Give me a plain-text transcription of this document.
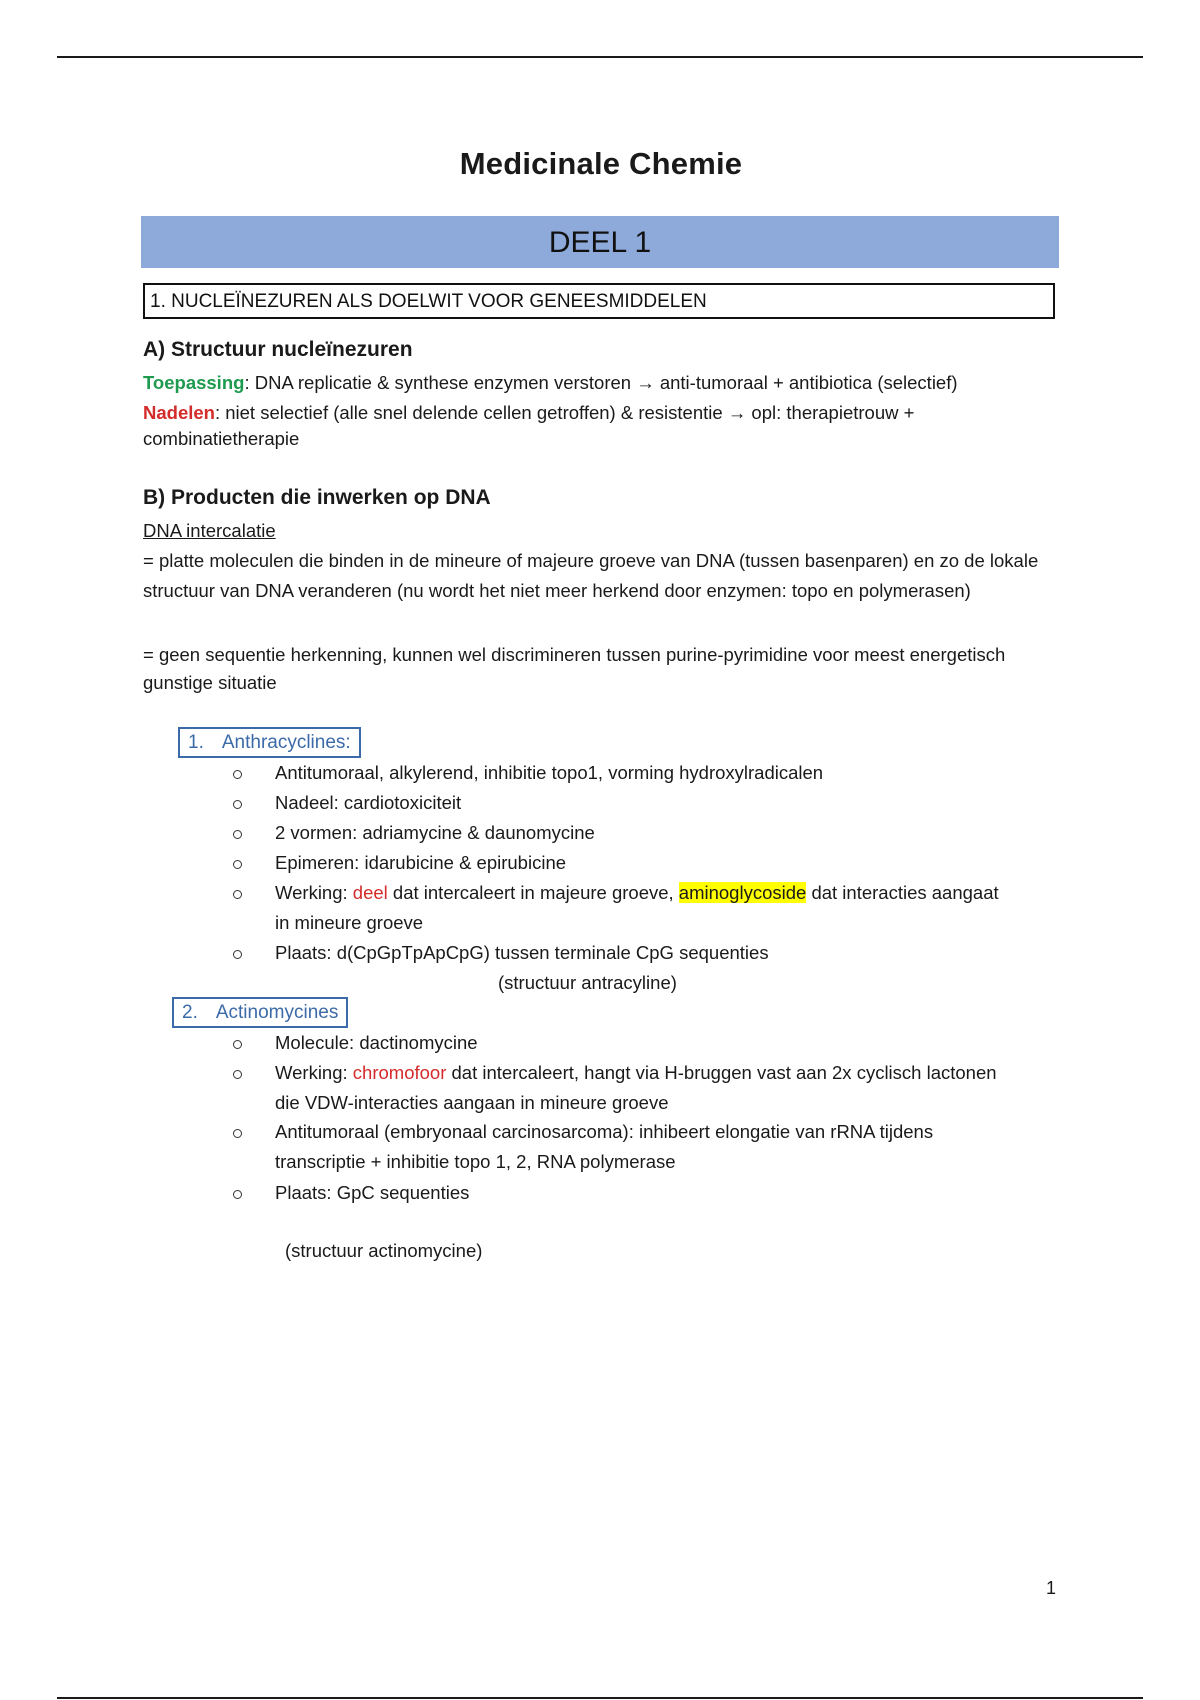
Medicinale Chemie
DEEL 1
1. NUCLEÏNEZUREN ALS DOELWIT VOOR GENEESMIDDELEN
A) Structuur nucleïnezuren
Toepassing: DNA replicatie & synthese enzymen verstoren → anti-tumoraal + antibiotica (selectief)
Nadelen: niet selectief (alle snel delende cellen getroffen) & resistentie → opl: therapietrouw + combinatietherapie
B) Producten die inwerken op DNA
DNA intercalatie
= platte moleculen die binden in de mineure of majeure groeve van DNA (tussen basenparen) en zo de lokale structuur van DNA veranderen (nu wordt het niet meer herkend door enzymen: topo en polymerasen)
= geen sequentie herkenning, kunnen wel discrimineren tussen purine-pyrimidine voor meest energetisch gunstige situatie
1. Anthracyclines:
Antitumoraal, alkylerend, inhibitie topo1, vorming hydroxylradicalen
Nadeel: cardiotoxiciteit
2 vormen: adriamycine & daunomycine
Epimeren: idarubicine & epirubicine
Werking: deel dat intercaleert in majeure groeve, aminoglycoside dat interacties aangaat in mineure groeve
Plaats: d(CpGpTpApCpG) tussen terminale CpG sequenties
(structuur antracyline)
2. Actinomycines
Molecule: dactinomycine
Werking: chromofoor dat intercaleert, hangt via H-bruggen vast aan 2x cyclisch lactonen die VDW-interacties aangaan in mineure groeve
Antitumoraal (embryonaal carcinosarcoma): inhibeert elongatie van rRNA tijdens transcriptie + inhibitie topo 1, 2, RNA polymerase
Plaats: GpC sequenties
(structuur actinomycine)
1
